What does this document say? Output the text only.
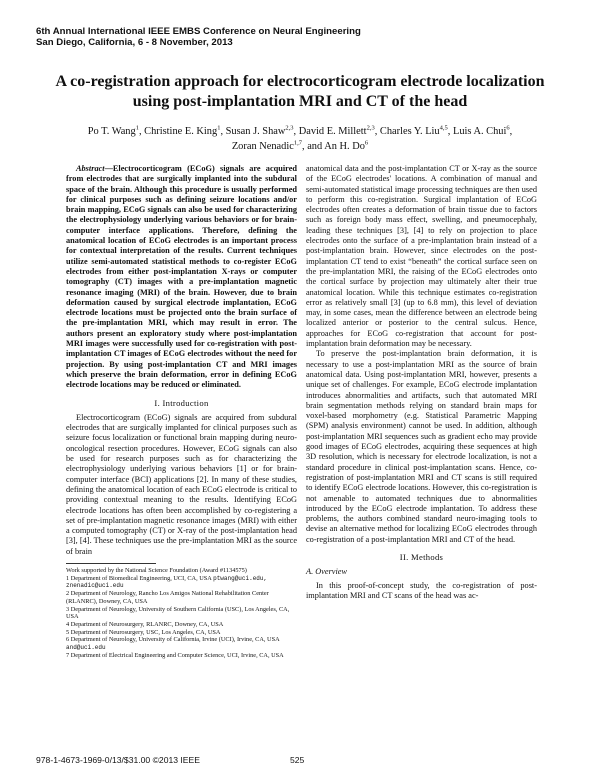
6th Annual International IEEE EMBS Conference on Neural Engineering
San Diego, California, 6 - 8 November, 2013
A co-registration approach for electrocorticogram electrode localization using post-implantation MRI and CT of the head
Po T. Wang$^1$, Christine E. King$^1$, Susan J. Shaw$^{2,3}$, David E. Millett$^{2,3}$, Charles Y. Liu$^{4,5}$, Luis A. Chui$^6$,
Zoran Nenadic$^{1,7}$, and An H. Do$^6$

Abstract—Electrocorticogram (ECoG) signals are acquired from electrodes that are surgically implanted into the subdural space of the brain. Although this procedure is usually performed for clinical purposes such as defining seizure locations and/or brain mapping, ECoG signals can also be used for characterizing the electrophysiology underlying various behaviors or for brain-computer interface applications. Therefore, defining the anatomical location of ECoG electrodes is an important process for contextual interpretation of the results. Current techniques utilize semi-automated statistical methods to co-register ECoG electrodes from either post-implantation X-rays or computer tomography (CT) images with a pre-implantation magnetic resonance imaging (MRI) of the brain. However, due to brain deformation caused by surgical electrode implantation, ECoG electrode locations must be projected onto the brain surface of the pre-implantation MRI, which may result in error. The authors present an exploratory study where post-implantation MRI images were successfully used for co-registration with post-implantation CT images of ECoG electrodes without the need for projection. By using post-implantation CT and MRI images which preserve the brain deformation, error in defining ECoG electrode locations may be reduced or eliminated.

I. Introduction

Electrocorticogram (ECoG) signals are acquired from subdural electrodes that are surgically implanted for clinical purposes such as seizure focus localization or functional brain mapping during neuro-oncological resection procedures. However, ECoG signals can also be used for research purposes such as for characterizing the electrophysiology underlying various behaviors [1] or for brain-computer interface (BCI) applications [2]. In many of these studies, defining the anatomical location of each ECoG electrode is critical to providing contextual meaning to the results. Identifying ECoG electrode locations has often been accomplished by co-registering a set of pre-implantation magnetic resonance images (MRI) with either a computed tomography (CT) or X-ray of the post-implantation head [3], [4]. These techniques use the pre-implantation MRI as the source of brain

Work supported by the National Science Foundation (Award #1134575)
1 Department of Biomedical Engineering, UCI, CA, USA ptwang@uci.edu, znenadic@uci.edu
2 Department of Neurology, Rancho Los Amigos National Rehabilitation Center (RLANRC), Downey, CA, USA
3 Department of Neurology, University of Southern California (USC), Los Angeles, CA, USA
4 Department of Neurosurgery, RLANRC, Downey, CA, USA
5 Department of Neurosurgery, USC, Los Angeles, CA, USA
6 Department of Neurology, University of California, Irvine (UCI), Irvine, CA, USA and@uci.edu
7 Department of Electrical Engineering and Computer Science, UCI, Irvine, CA, USA

anatomical data and the post-implantation CT or X-ray as the source of the ECoG electrodes' locations. A combination of manual and semi-automated statistical image processing techniques are then used to perform this co-registration. Surgical implantation of ECoG electrodes often creates a deformation of brain tissue due to factors such as foreign body mass effect, swelling, and pneumocephaly, leading these techniques [3], [4] to rely on projection to place electrodes onto the surface of a pre-implantation brain instead of a post-implantation brain. However, since electrodes on the post-implantation CT tend to exist “beneath” the cortical surface seen on the pre-implantation MRI, the raising of the ECoG electrodes onto the cortical surface by projection may ultimately alter their true anatomical location. While this technique estimates co-registration error as relatively small [3] (up to 6.8 mm), this level of deviation may, in some cases, mean the difference between an electrode being localized anterior or posterior to the central sulcus. Hence, approaches for ECoG co-registration that account for post-implantation brain deformation may be necessary.

To preserve the post-implantation brain deformation, it is necessary to use a post-implantation MRI as the source of brain anatomical data. Using post-implantation MRI, however, presents a unique set of challenges. For example, ECoG electrode implantation introduces abnormalities and artifacts, such that automated MRI brain segmentation methods relying on standard brain maps for voxel-based morphometry (e.g. Statistical Parametric Mapping (SPM) analysis environment) cannot be used. In addition, although post-implantation MRI sequences such as gradient echo may provide good images of ECoG electrodes, acquiring these sequences at high 3D resolution, which is necessary for electrode localization, is not a standard procedure in clinical post-implantation scans. Hence, co-registration of post-implantation MRI and CT scans is still required to identify ECoG electrode locations. However, this co-registration is not amenable to automated techniques due to abnormalities introduced by the ECoG electrode implantation. To address these problems, the authors combined standard neuro-imaging tools to devise an alternative method for localizing ECoG electrodes through co-registration of a post-implantation MRI and CT of the head.

II. Methods
A. Overview

In this proof-of-concept study, the co-registration of post-implantation MRI and CT scans of the head was ac-

978-1-4673-1969-0/13/$31.00 ©2013 IEEE	525
